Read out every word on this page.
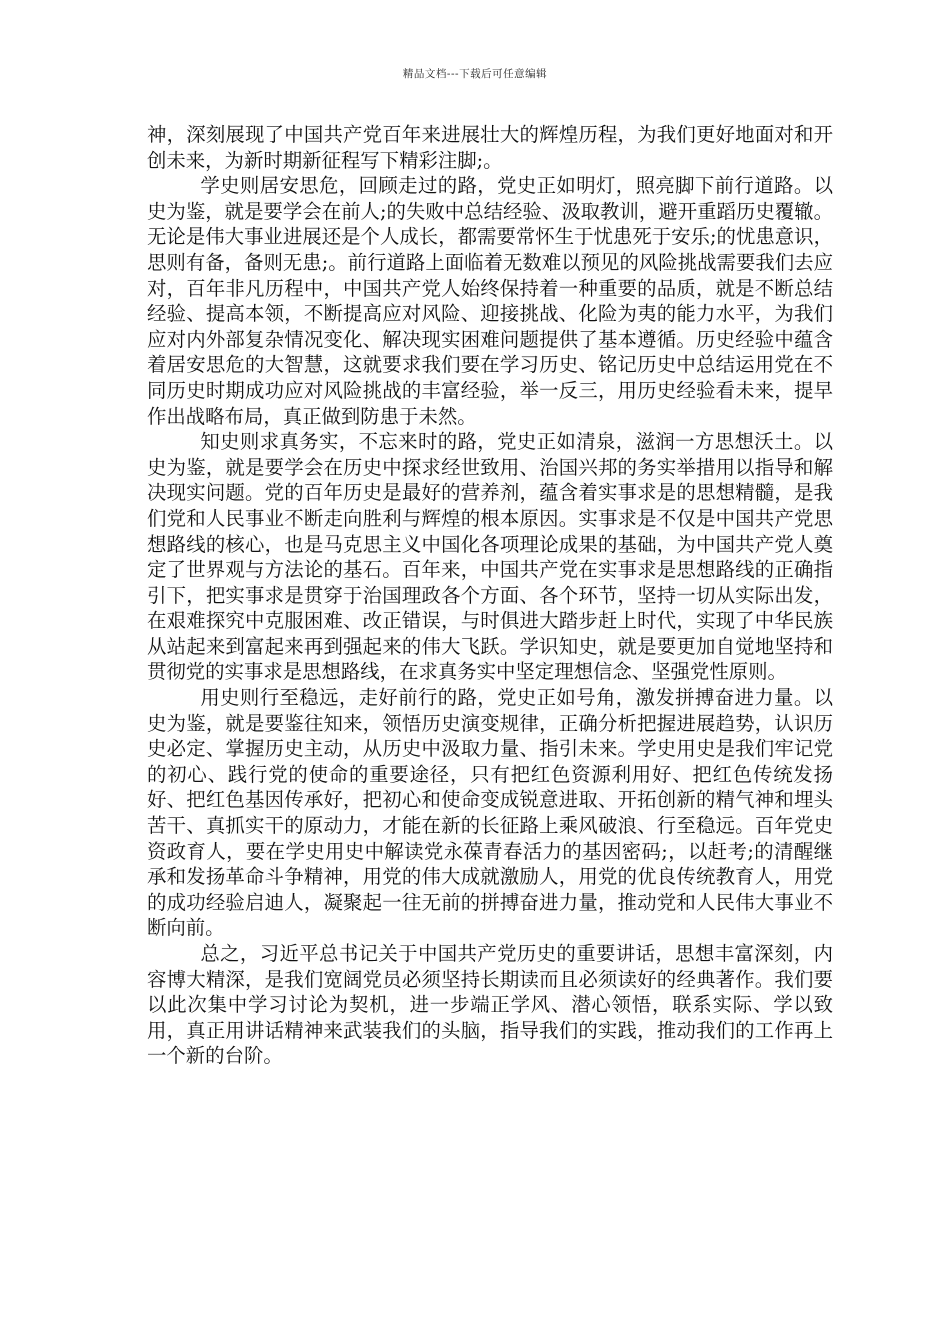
精品文档---下载后可任意编辑

神，深刻展现了中国共产党百年来进展壮大的辉煌历程，为我们更好地面对和开创未来，为新时期新征程写下精彩注脚;。

学史则居安思危，回顾走过的路，党史正如明灯，照亮脚下前行道路。以史为鉴，就是要学会在前人;的失败中总结经验、汲取教训，避开重蹈历史覆辙。无论是伟大事业进展还是个人成长，都需要常怀生于忧患死于安乐;的忧患意识，思则有备，备则无患;。前行道路上面临着无数难以预见的风险挑战需要我们去应对，百年非凡历程中，中国共产党人始终保持着一种重要的品质，就是不断总结经验、提高本领，不断提高应对风险、迎接挑战、化险为夷的能力水平，为我们应对内外部复杂情况变化、解决现实困难问题提供了基本遵循。历史经验中蕴含着居安思危的大智慧，这就要求我们要在学习历史、铭记历史中总结运用党在不同历史时期成功应对风险挑战的丰富经验，举一反三，用历史经验看未来，提早作出战略布局，真正做到防患于未然。

知史则求真务实，不忘来时的路，党史正如清泉，滋润一方思想沃土。以史为鉴，就是要学会在历史中探求经世致用、治国兴邦的务实举措用以指导和解决现实问题。党的百年历史是最好的营养剂，蕴含着实事求是的思想精髓，是我们党和人民事业不断走向胜利与辉煌的根本原因。实事求是不仅是中国共产党思想路线的核心，也是马克思主义中国化各项理论成果的基础，为中国共产党人奠定了世界观与方法论的基石。百年来，中国共产党在实事求是思想路线的正确指引下，把实事求是贯穿于治国理政各个方面、各个环节，坚持一切从实际出发，在艰难探究中克服困难、改正错误，与时俱进大踏步赶上时代，实现了中华民族从站起来到富起来再到强起来的伟大飞跃。学识知史，就是要更加自觉地坚持和贯彻党的实事求是思想路线，在求真务实中坚定理想信念、坚强党性原则。

用史则行至稳远，走好前行的路，党史正如号角，激发拼搏奋进力量。以史为鉴，就是要鉴往知来，领悟历史演变规律，正确分析把握进展趋势，认识历史必定、掌握历史主动，从历史中汲取力量、指引未来。学史用史是我们牢记党的初心、践行党的使命的重要途径，只有把红色资源利用好、把红色传统发扬好、把红色基因传承好，把初心和使命变成锐意进取、开拓创新的精气神和埋头苦干、真抓实干的原动力，才能在新的长征路上乘风破浪、行至稳远。百年党史资政育人，要在学史用史中解读党永葆青春活力的基因密码;，以赶考;的清醒继承和发扬革命斗争精神，用党的伟大成就激励人，用党的优良传统教育人，用党的成功经验启迪人，凝聚起一往无前的拼搏奋进力量，推动党和人民伟大事业不断向前。

总之，习近平总书记关于中国共产党历史的重要讲话，思想丰富深刻，内容博大精深，是我们宽阔党员必须坚持长期读而且必须读好的经典著作。我们要以此次集中学习讨论为契机，进一步端正学风、潜心领悟，联系实际、学以致用，真正用讲话精神来武装我们的头脑，指导我们的实践，推动我们的工作再上一个新的台阶。
